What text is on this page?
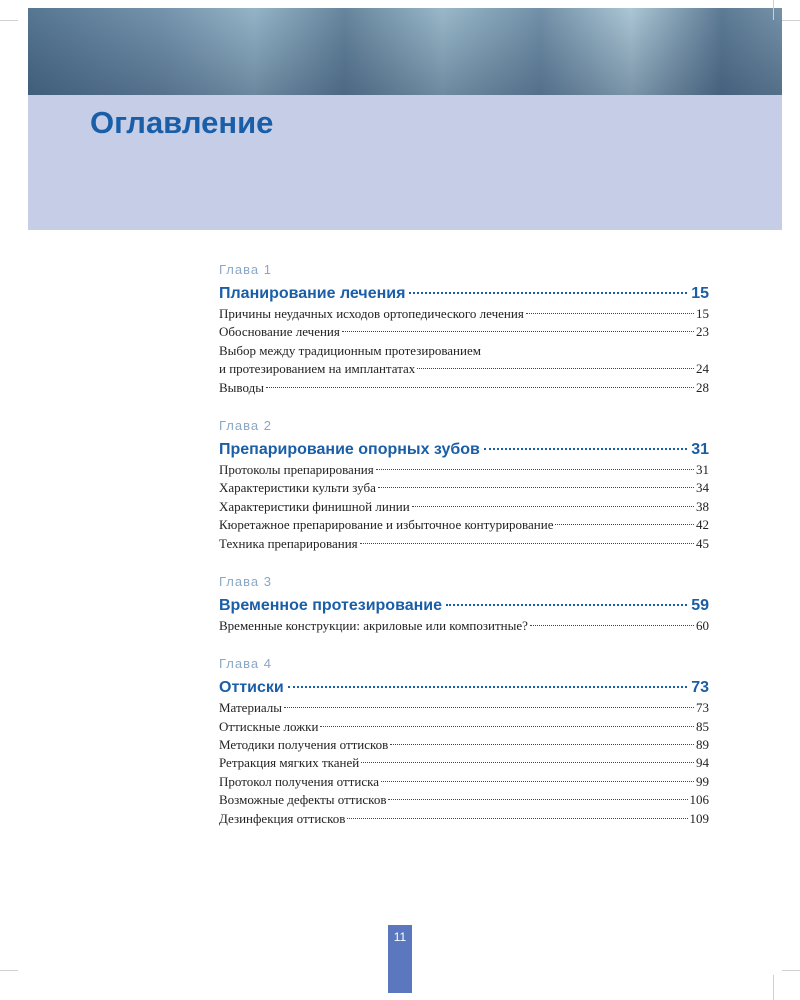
Оглавление
Глава 1
Планирование лечения	15
Причины неудачных исходов ортопедического лечения	15
Обоснование лечения	23
Выбор между традиционным протезированием
и протезированием на имплантатах	24
Выводы	28
Глава 2
Препарирование опорных зубов	31
Протоколы препарирования	31
Характеристики культи зуба	34
Характеристики финишной линии	38
Кюретажное препарирование и избыточное контурирование	42
Техника препарирования	45
Глава 3
Временное протезирование	59
Временные конструкции: акриловые или композитные?	60
Глава 4
Оттиски	73
Материалы	73
Оттискные ложки	85
Методики получения оттисков	89
Ретракция мягких тканей	94
Протокол получения оттиска	99
Возможные дефекты оттисков	106
Дезинфекция оттисков	109
11
